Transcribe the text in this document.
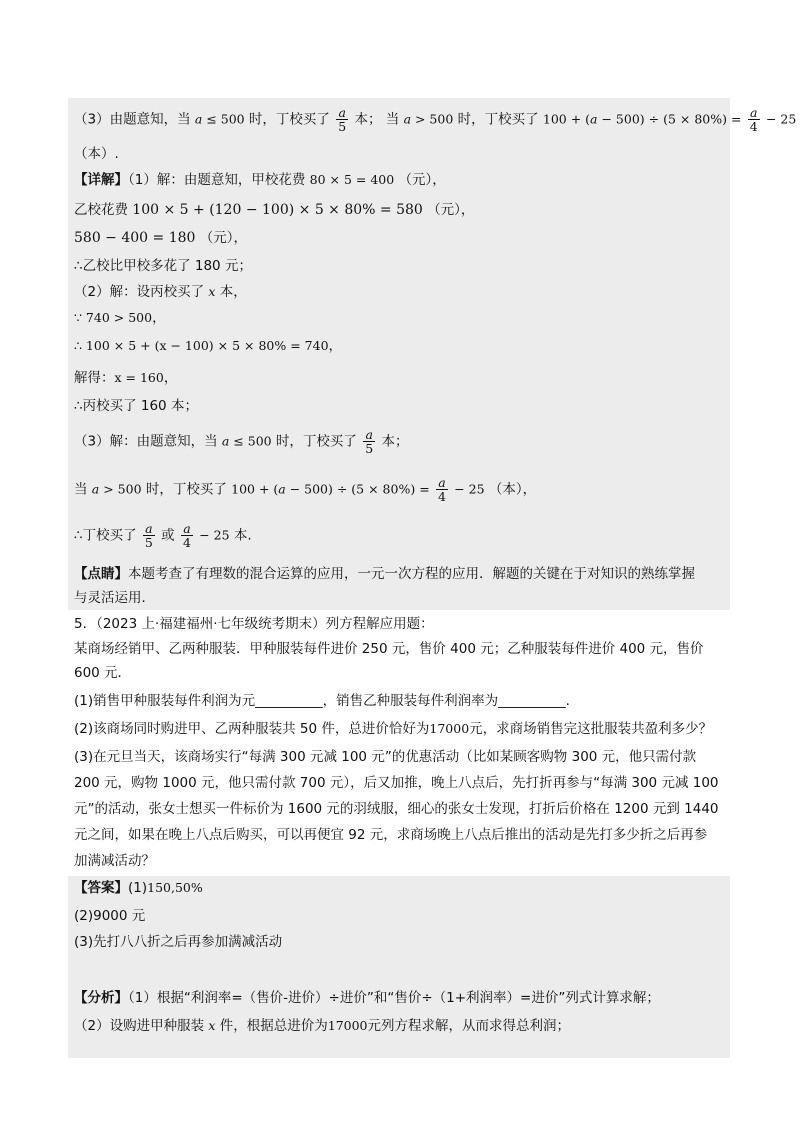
（3）由题意知，当 a ≤ 500 时，丁校买了 $\frac{a}{5}$ 本； 当 a > 500 时，丁校买了 $100 + (a - 500) \div (5 \times 80\%) = \frac{a}{4} - 25$
（本）.
【详解】（1）解：由题意知，甲校花费 80 × 5 = 400 （元），
乙校花费 100 × 5 + (120 − 100) × 5 × 80% = 580 （元），
580 − 400 = 180 （元），
∴乙校比甲校多花了 180 元；
（2）解：设丙校买了 x 本，
∵ 740 > 500，
∴ 100 × 5 + (x − 100) × 5 × 80% = 740，
解得：x = 160，
∴丙校买了 160 本；
（3）解：由题意知，当 a ≤ 500 时，丁校买了 $\frac{a}{5}$ 本；
当 a > 500 时，丁校买了 $100 + (a - 500) \div (5 \times 80\%) = \frac{a}{4} - 25$ （本），
∴丁校买了 $\frac{a}{5}$ 或 $\frac{a}{4} - 25$ 本.
【点睛】本题考查了有理数的混合运算的应用，一元一次方程的应用．解题的关键在于对知识的熟练掌握
与灵活运用．
5．（2023 上·福建福州·七年级统考期末）列方程解应用题：
某商场经销甲、乙两种服装．甲种服装每件进价 250 元，售价 400 元；乙种服装每件进价 400 元，售价
600 元．
(1)销售甲种服装每件利润为元__________，销售乙种服装每件利润率为__________.
(2)该商场同时购进甲、乙两种服装共 50 件，总进价恰好为17000元，求商场销售完这批服装共盈利多少？
(3)在元旦当天，该商场实行“每满 300 元减 100 元”的优惠活动（比如某顾客购物 300 元，他只需付款
200 元，购物 1000 元，他只需付款 700 元），后又加推，晚上八点后，先打折再参与“每满 300 元减 100
元”的活动，张女士想买一件标价为 1600 元的羽绒服，细心的张女士发现，打折后价格在 1200 元到 1440
元之间，如果在晚上八点后购买，可以再便宜 92 元，求商场晚上八点后推出的活动是先打多少折之后再参
加满减活动？
【答案】(1)150,50%
(2)9000 元
(3)先打八八折之后再参加满减活动
【分析】（1）根据“利润率=（售价-进价）÷进价”和“售价÷（1+利润率）=进价”列式计算求解；
（2）设购进甲种服装 x 件，根据总进价为17000元列方程求解，从而求得总利润；
